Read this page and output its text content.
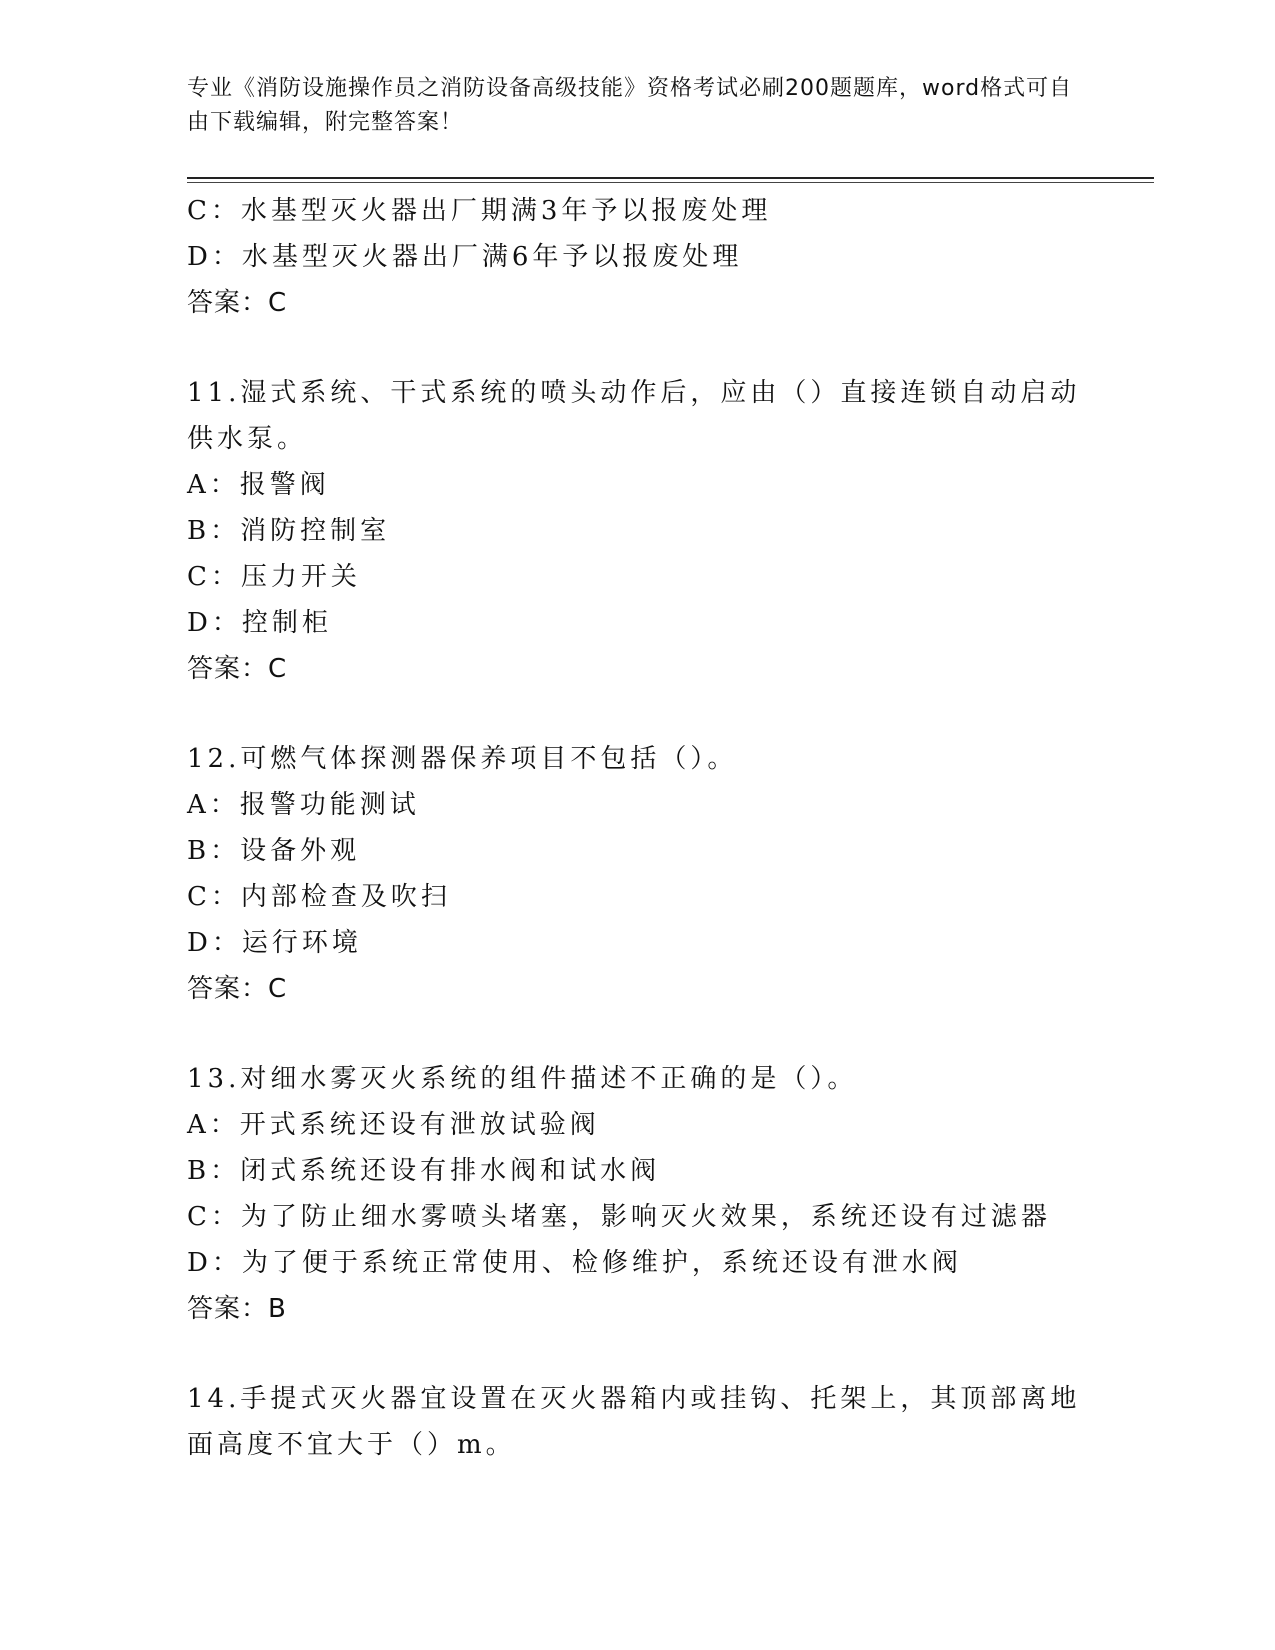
专业《消防设施操作员之消防设备高级技能》资格考试必刷200题题库，word格式可自由下载编辑，附完整答案！
C：水基型灭火器出厂期满3年予以报废处理
D：水基型灭火器出厂满6年予以报废处理
答案：C
11.湿式系统、干式系统的喷头动作后，应由（）直接连锁自动启动供水泵。
A：报警阀
B：消防控制室
C：压力开关
D：控制柜
答案：C
12.可燃气体探测器保养项目不包括（）。
A：报警功能测试
B：设备外观
C：内部检查及吹扫
D：运行环境
答案：C
13.对细水雾灭火系统的组件描述不正确的是（）。
A：开式系统还设有泄放试验阀
B：闭式系统还设有排水阀和试水阀
C：为了防止细水雾喷头堵塞，影响灭火效果，系统还设有过滤器
D：为了便于系统正常使用、检修维护，系统还设有泄水阀
答案：B
14.手提式灭火器宜设置在灭火器箱内或挂钩、托架上，其顶部离地面高度不宜大于（）m。
